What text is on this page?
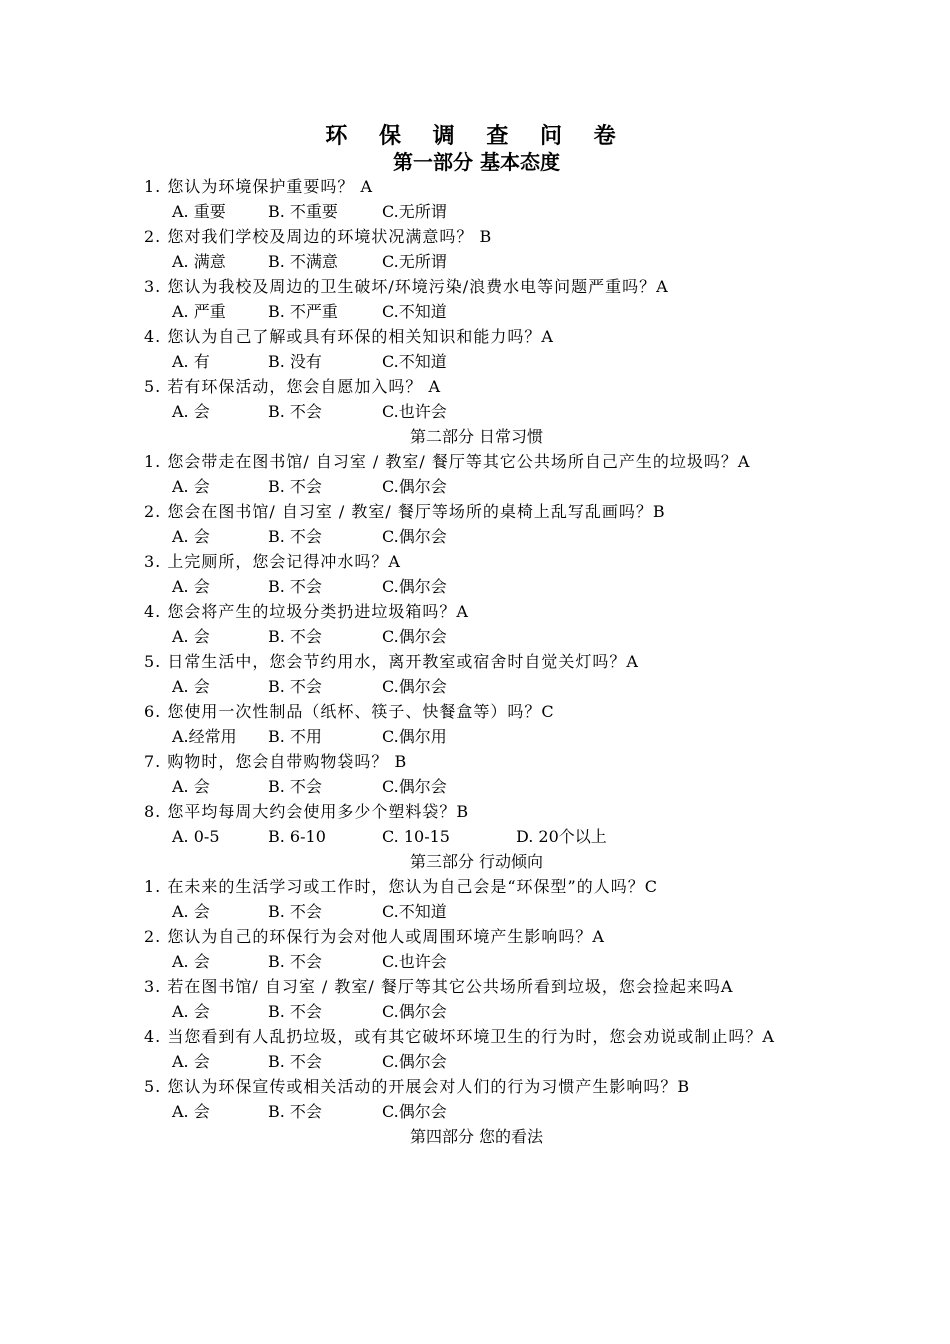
环 保 调 查 问 卷
第一部分 基本态度
1. 您认为环境保护重要吗？ A
A. 重要	B. 不重要	C.无所谓
2. 您对我们学校及周边的环境状况满意吗？ B
A. 满意	B. 不满意	C.无所谓
3. 您认为我校及周边的卫生破坏/环境污染/浪费水电等问题严重吗？A
A. 严重	B. 不严重	C.不知道
4. 您认为自己了解或具有环保的相关知识和能力吗？A
A. 有	B. 没有	C.不知道
5. 若有环保活动，您会自愿加入吗？ A
A. 会	B. 不会	C.也许会
第二部分 日常习惯
1. 您会带走在图书馆/ 自习室 / 教室/ 餐厅等其它公共场所自己产生的垃圾吗？A
A. 会	B. 不会	C.偶尔会
2. 您会在图书馆/ 自习室 / 教室/ 餐厅等场所的桌椅上乱写乱画吗？B
A. 会	B. 不会	C.偶尔会
3. 上完厕所，您会记得冲水吗？A
A. 会	B. 不会	C.偶尔会
4. 您会将产生的垃圾分类扔进垃圾箱吗？A
A. 会	B. 不会	C.偶尔会
5. 日常生活中，您会节约用水，离开教室或宿舍时自觉关灯吗？A
A. 会	B. 不会	C.偶尔会
6. 您使用一次性制品（纸杯、筷子、快餐盒等）吗？C
A.经常用	B. 不用	C.偶尔用
7. 购物时，您会自带购物袋吗？ B
A. 会	B. 不会	C.偶尔会
8. 您平均每周大约会使用多少个塑料袋？B
A. 0-5	B. 6-10	C. 10-15	D. 20个以上
第三部分 行动倾向
1. 在未来的生活学习或工作时，您认为自己会是“环保型”的人吗？C
A. 会	B. 不会	C.不知道
2. 您认为自己的环保行为会对他人或周围环境产生影响吗？A
A. 会	B. 不会	C.也许会
3. 若在图书馆/ 自习室 / 教室/ 餐厅等其它公共场所看到垃圾，您会捡起来吗A
A. 会	B. 不会	C.偶尔会
4. 当您看到有人乱扔垃圾，或有其它破坏环境卫生的行为时，您会劝说或制止吗？A
A. 会	B. 不会	C.偶尔会
5. 您认为环保宣传或相关活动的开展会对人们的行为习惯产生影响吗？B
A. 会	B. 不会	C.偶尔会
第四部分 您的看法
